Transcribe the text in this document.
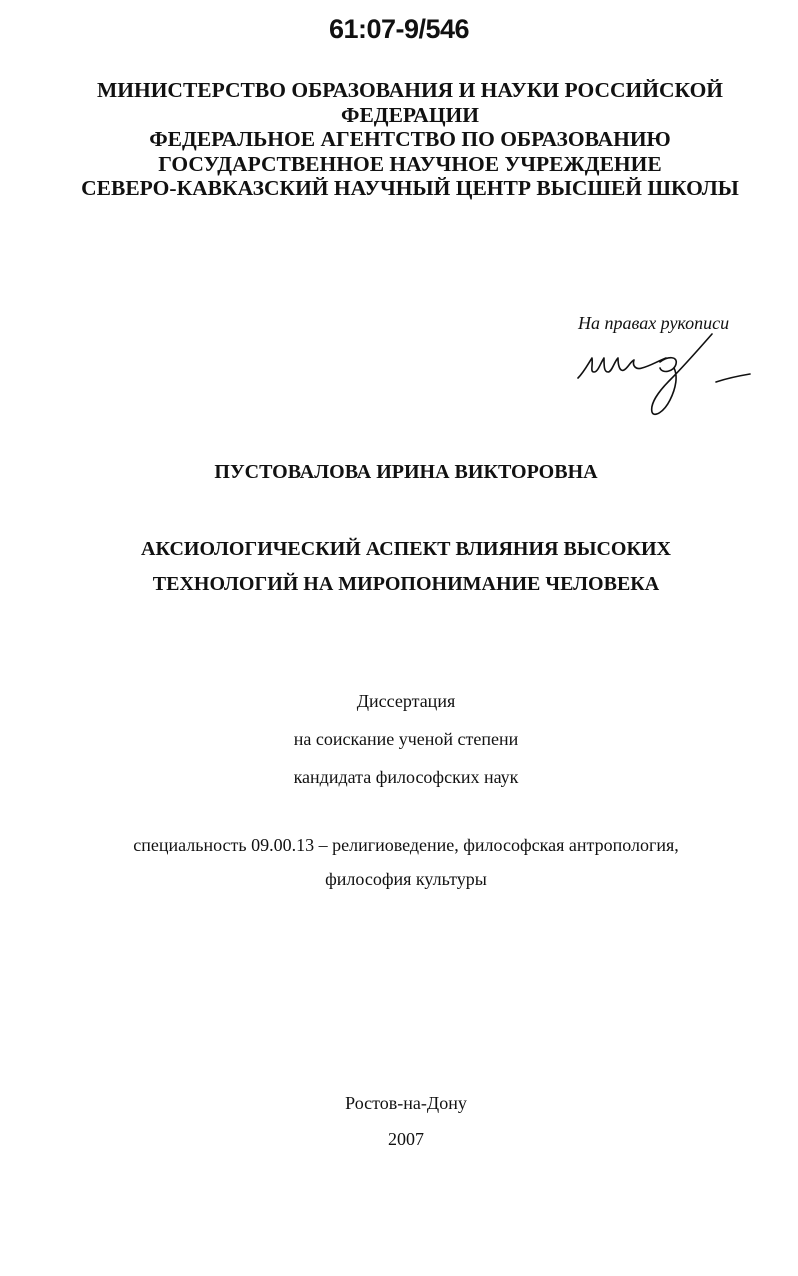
61:07-9/546
МИНИСТЕРСТВО ОБРАЗОВАНИЯ И НАУКИ РОССИЙСКОЙ
ФЕДЕРАЦИИ
ФЕДЕРАЛЬНОЕ АГЕНТСТВО ПО ОБРАЗОВАНИЮ
ГОСУДАРСТВЕННОЕ НАУЧНОЕ УЧРЕЖДЕНИЕ
СЕВЕРО-КАВКАЗСКИЙ НАУЧНЫЙ ЦЕНТР ВЫСШЕЙ ШКОЛЫ
На правах рукописи
ПУСТОВАЛОВА ИРИНА ВИКТОРОВНА
АКСИОЛОГИЧЕСКИЙ АСПЕКТ ВЛИЯНИЯ ВЫСОКИХ
ТЕХНОЛОГИЙ НА МИРОПОНИМАНИЕ ЧЕЛОВЕКА
Диссертация
на соискание ученой степени
кандидата философских наук
специальность 09.00.13 – религиоведение, философская антропология,
философия культуры
Ростов-на-Дону
2007
